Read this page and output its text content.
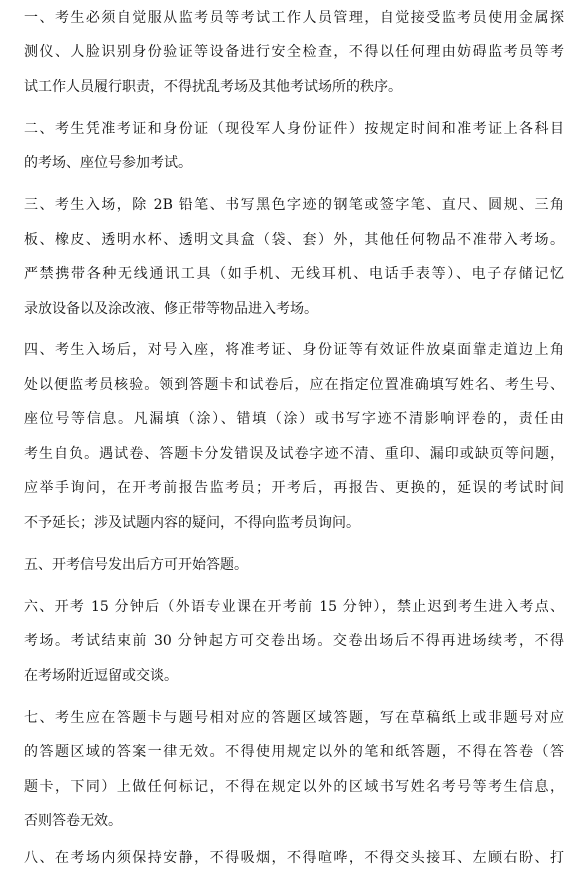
一、考生必须自觉服从监考员等考试工作人员管理，自觉接受监考员使用金属探
测仪、人脸识别身份验证等设备进行安全检查，不得以任何理由妨碍监考员等考
试工作人员履行职责，不得扰乱考场及其他考试场所的秩序。
二、考生凭准考证和身份证（现役军人身份证件）按规定时间和准考证上各科目
的考场、座位号参加考试。
三、考生入场，除 2B 铅笔、书写黑色字迹的钢笔或签字笔、直尺、圆规、三角
板、橡皮、透明水杯、透明文具盒（袋、套）外，其他任何物品不准带入考场。
严禁携带各种无线通讯工具（如手机、无线耳机、电话手表等）、电子存储记忆
录放设备以及涂改液、修正带等物品进入考场。
四、考生入场后，对号入座，将准考证、身份证等有效证件放桌面靠走道边上角
处以便监考员核验。领到答题卡和试卷后，应在指定位置准确填写姓名、考生号、
座位号等信息。凡漏填（涂）、错填（涂）或书写字迹不清影响评卷的，责任由
考生自负。遇试卷、答题卡分发错误及试卷字迹不清、重印、漏印或缺页等问题，
应举手询问，在开考前报告监考员；开考后，再报告、更换的，延误的考试时间
不予延长；涉及试题内容的疑问，不得向监考员询问。
五、开考信号发出后方可开始答题。
六、开考 15 分钟后（外语专业课在开考前 15 分钟），禁止迟到考生进入考点、
考场。考试结束前 30 分钟起方可交卷出场。交卷出场后不得再进场续考，不得
在考场附近逗留或交谈。
七、考生应在答题卡与题号相对应的答题区域答题，写在草稿纸上或非题号对应
的答题区域的答案一律无效。不得使用规定以外的笔和纸答题，不得在答卷（答
题卡，下同）上做任何标记，不得在规定以外的区域书写姓名考号等考生信息，
否则答卷无效。
八、在考场内须保持安静，不得吸烟，不得喧哗，不得交头接耳、左顾右盼、打
